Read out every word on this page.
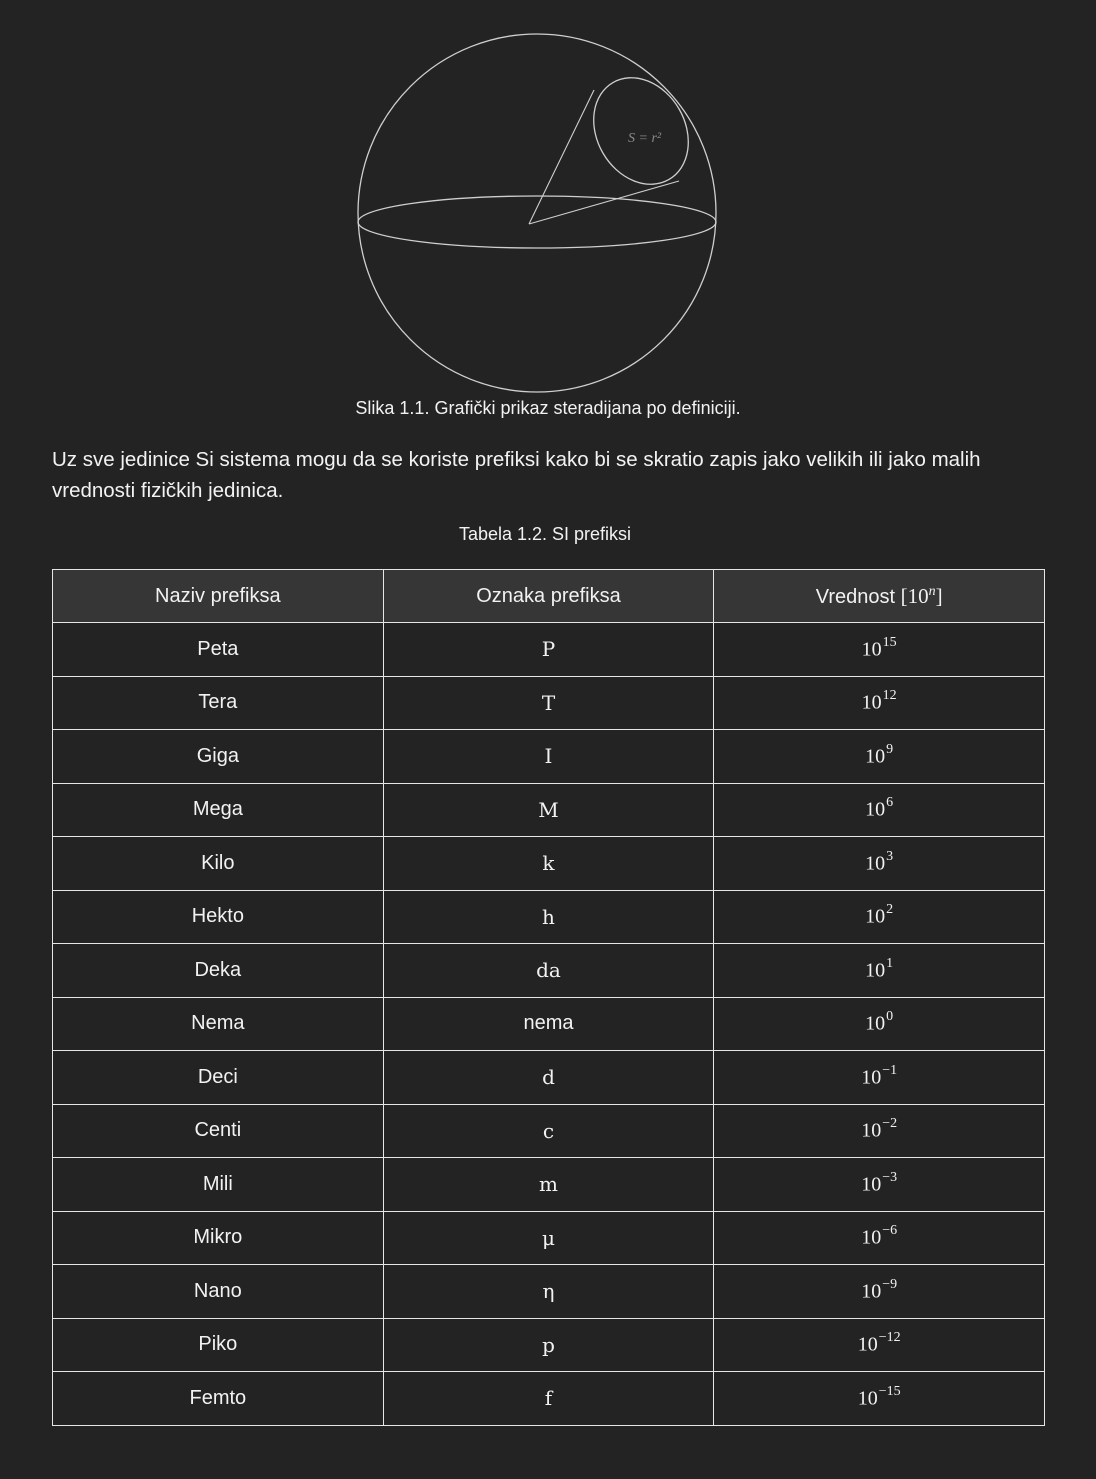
S = r²
Slika 1.1. Grafički prikaz steradijana po definiciji.
Uz sve jedinice Si sistema mogu da se koriste prefiksi kako bi se skratio zapis jako velikih ili jako malih vrednosti fizičkih jedinica.
Tabela 1.2. SI prefiksi
Naziv prefiksa	Oznaka prefiksa	Vrednost [10$^n$]
Peta	P	$10^{15}$
Tera	T	$10^{12}$
Giga	I	$10^9$
Mega	M	$10^6$
Kilo	k	$10^3$
Hekto	h	$10^2$
Deka	da	$10^1$
Nema	nema	$10^0$
Deci	d	$10^{-1}$
Centi	c	$10^{-2}$
Mili	m	$10^{-3}$
Mikro	μ	$10^{-6}$
Nano	η	$10^{-9}$
Piko	p	$10^{-12}$
Femto	f	$10^{-15}$
